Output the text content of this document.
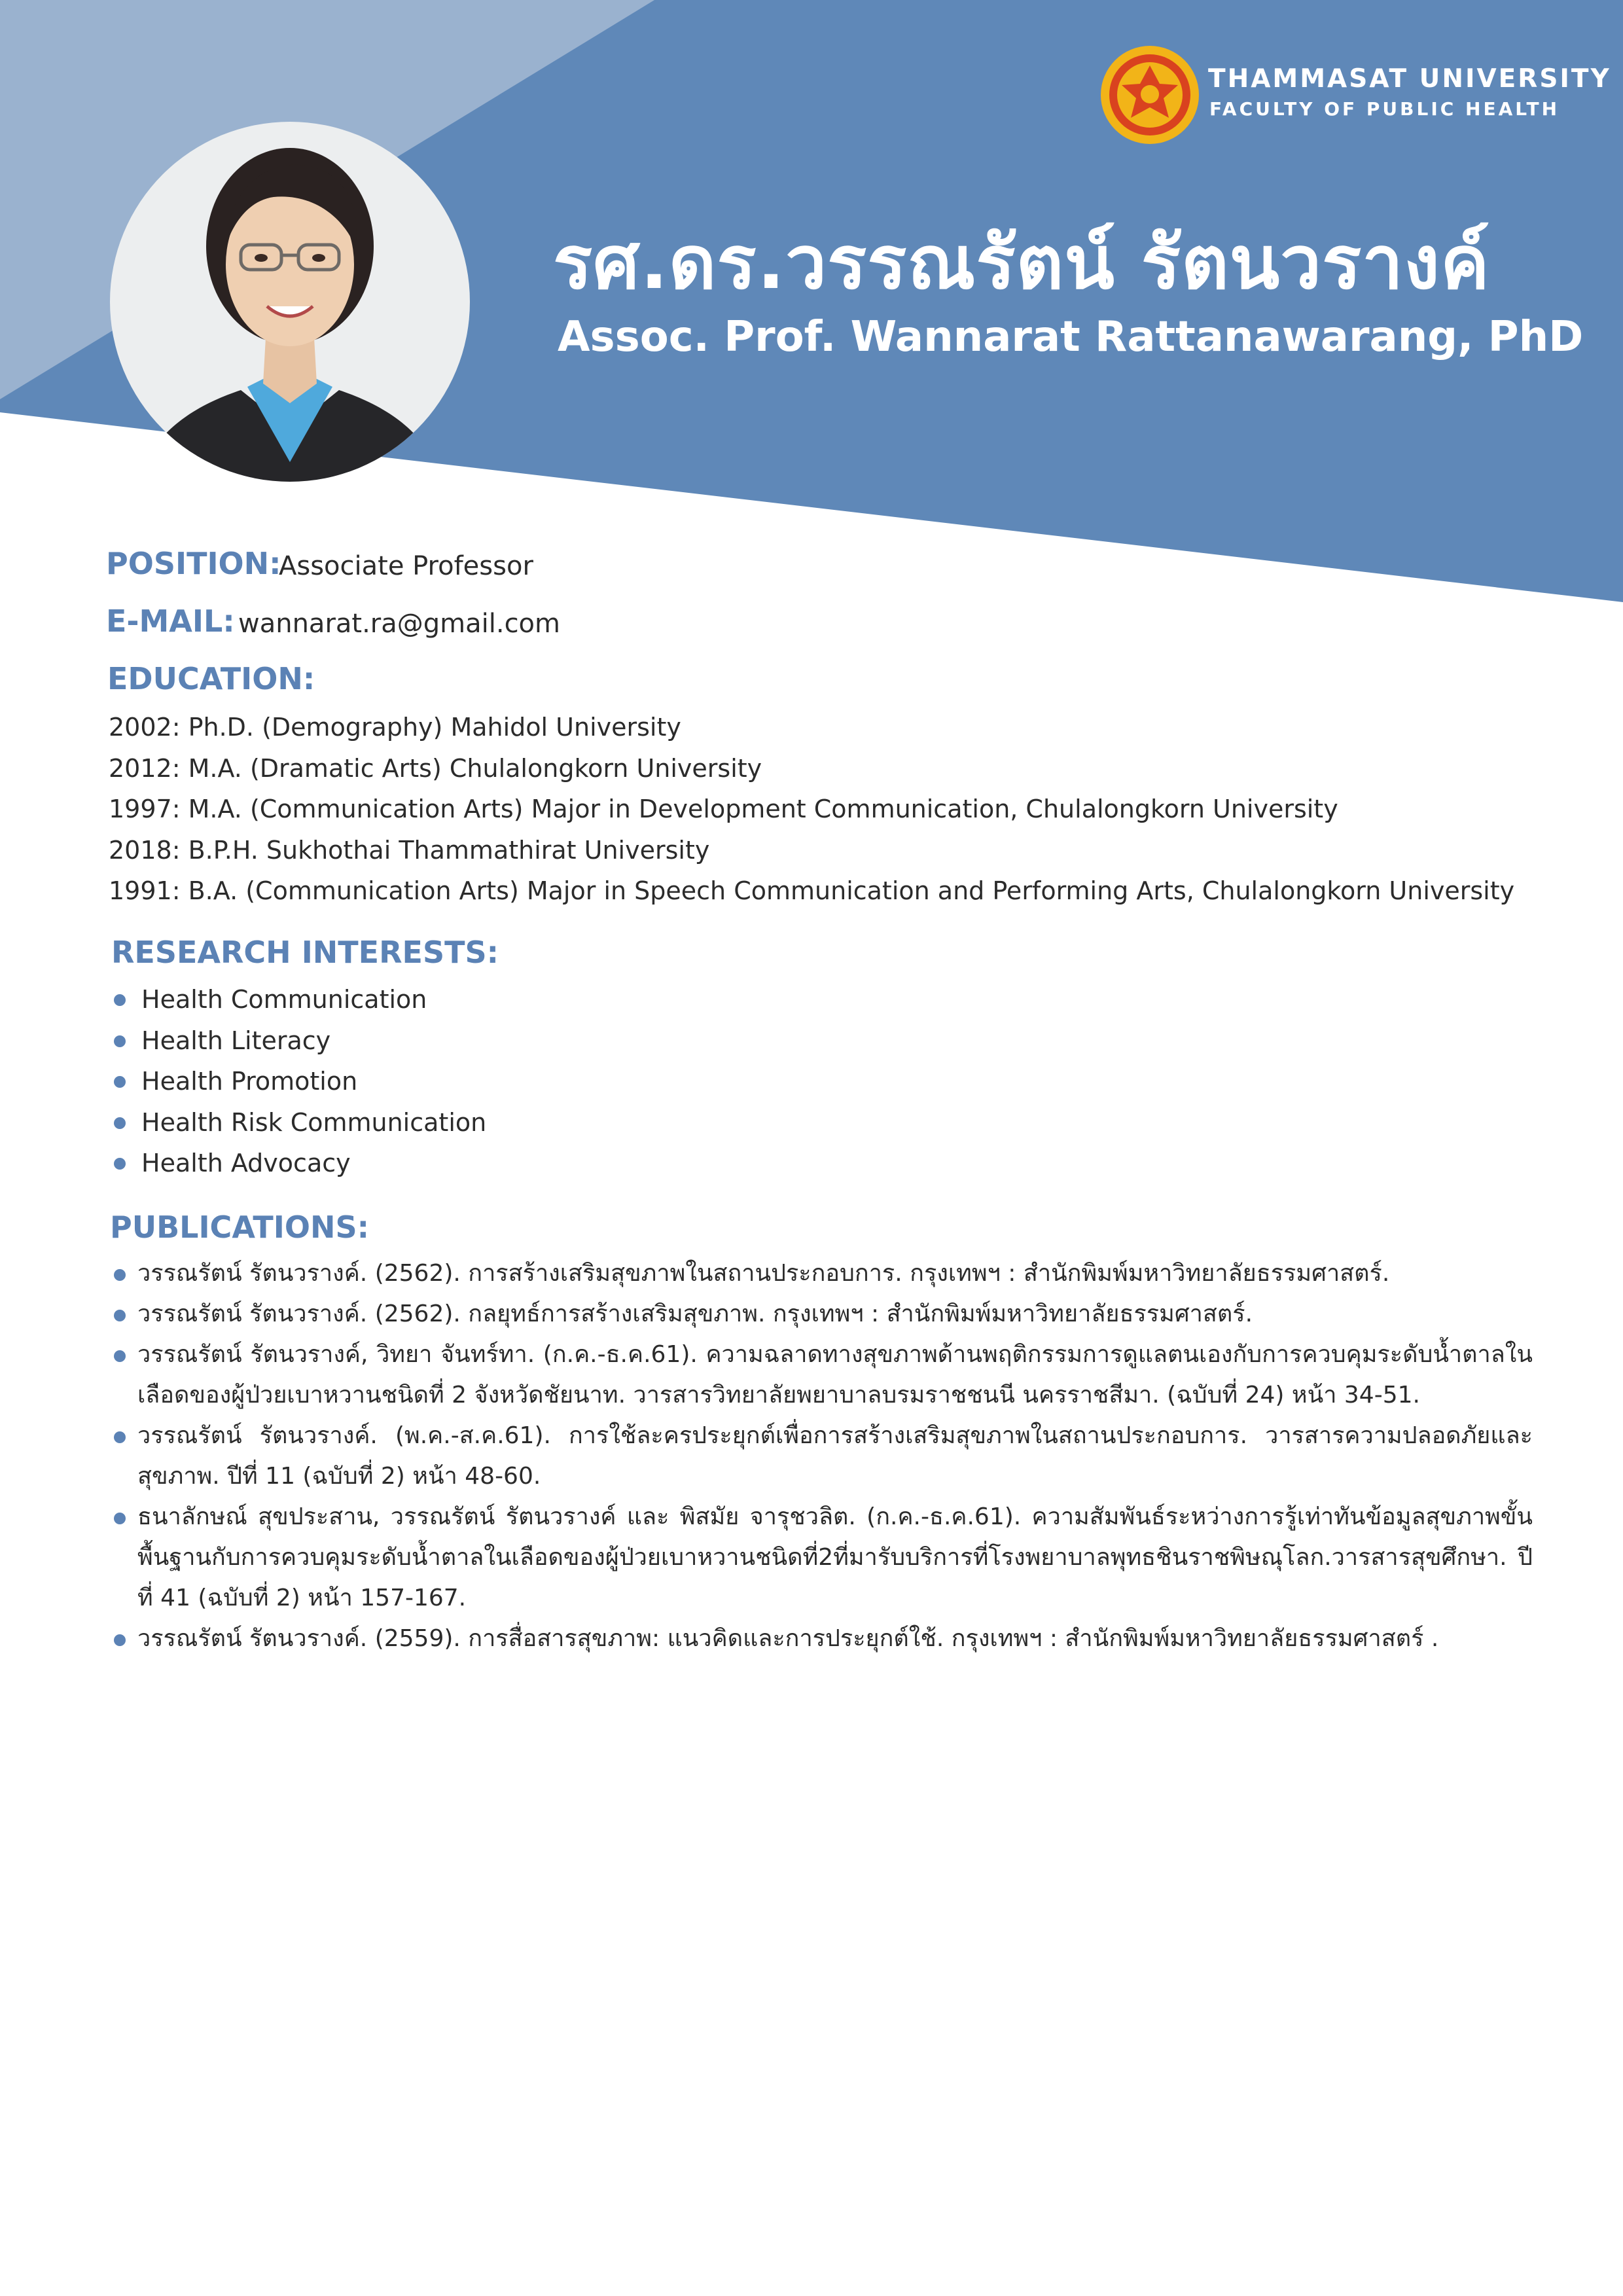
THAMMASAT UNIVERSITY
FACULTY OF PUBLIC HEALTH
รศ.ดร.วรรณรัตน์ รัตนวรางค์
Assoc. Prof. Wannarat Rattanawarang, PhD
POSITION:
Associate Professor
E-MAIL: wannarat.ra@gmail.com
EDUCATION:
2002: Ph.D. (Demography) Mahidol University
2012: M.A. (Dramatic Arts) Chulalongkorn University
1997: M.A. (Communication Arts) Major in Development Communication, Chulalongkorn University
2018: B.P.H. Sukhothai Thammathirat University
1991: B.A. (Communication Arts) Major in Speech Communication and Performing Arts, Chulalongkorn University
RESEARCH INTERESTS:
Health Communication
Health Literacy
Health Promotion
Health Risk Communication
Health Advocacy
PUBLICATIONS:
วรรณรัตน์ รัตนวรางค์. (2562). การสร้างเสริมสุขภาพในสถานประกอบการ. กรุงเทพฯ : สำนักพิมพ์มหาวิทยาลัยธรรมศาสตร์.
วรรณรัตน์ รัตนวรางค์. (2562). กลยุทธ์การสร้างเสริมสุขภาพ. กรุงเทพฯ : สำนักพิมพ์มหาวิทยาลัยธรรมศาสตร์.
วรรณรัตน์ รัตนวรางค์, วิทยา จันทร์ทา. (ก.ค.-ธ.ค.61). ความฉลาดทางสุขภาพด้านพฤติกรรมการดูแลตนเองกับการควบคุมระดับน้ำตาลในเลือดของผู้ป่วยเบาหวานชนิดที่ 2 จังหวัดชัยนาท. วารสารวิทยาลัยพยาบาลบรมราชชนนี นครราชสีมา. (ฉบับที่ 24) หน้า 34-51.
วรรณรัตน์ รัตนวรางค์. (พ.ค.-ส.ค.61). การใช้ละครประยุกต์เพื่อการสร้างเสริมสุขภาพในสถานประกอบการ. วารสารความปลอดภัยและสุขภาพ. ปีที่ 11 (ฉบับที่ 2) หน้า 48-60.
ธนาลักษณ์ สุขประสาน, วรรณรัตน์ รัตนวรางค์ และ พิสมัย จารุชวลิต. (ก.ค.-ธ.ค.61). ความสัมพันธ์ระหว่างการรู้เท่าทันข้อมูลสุขภาพขั้นพื้นฐานกับการควบคุมระดับน้ำตาลในเลือดของผู้ป่วยเบาหวานชนิดที่2ที่มารับบริการที่โรงพยาบาลพุทธชินราชพิษณุโลก.วารสารสุขศึกษา. ปีที่ 41 (ฉบับที่ 2) หน้า 157-167.
วรรณรัตน์ รัตนวรางค์. (2559). การสื่อสารสุขภาพ: แนวคิดและการประยุกต์ใช้. กรุงเทพฯ : สำนักพิมพ์มหาวิทยาลัยธรรมศาสตร์ .
